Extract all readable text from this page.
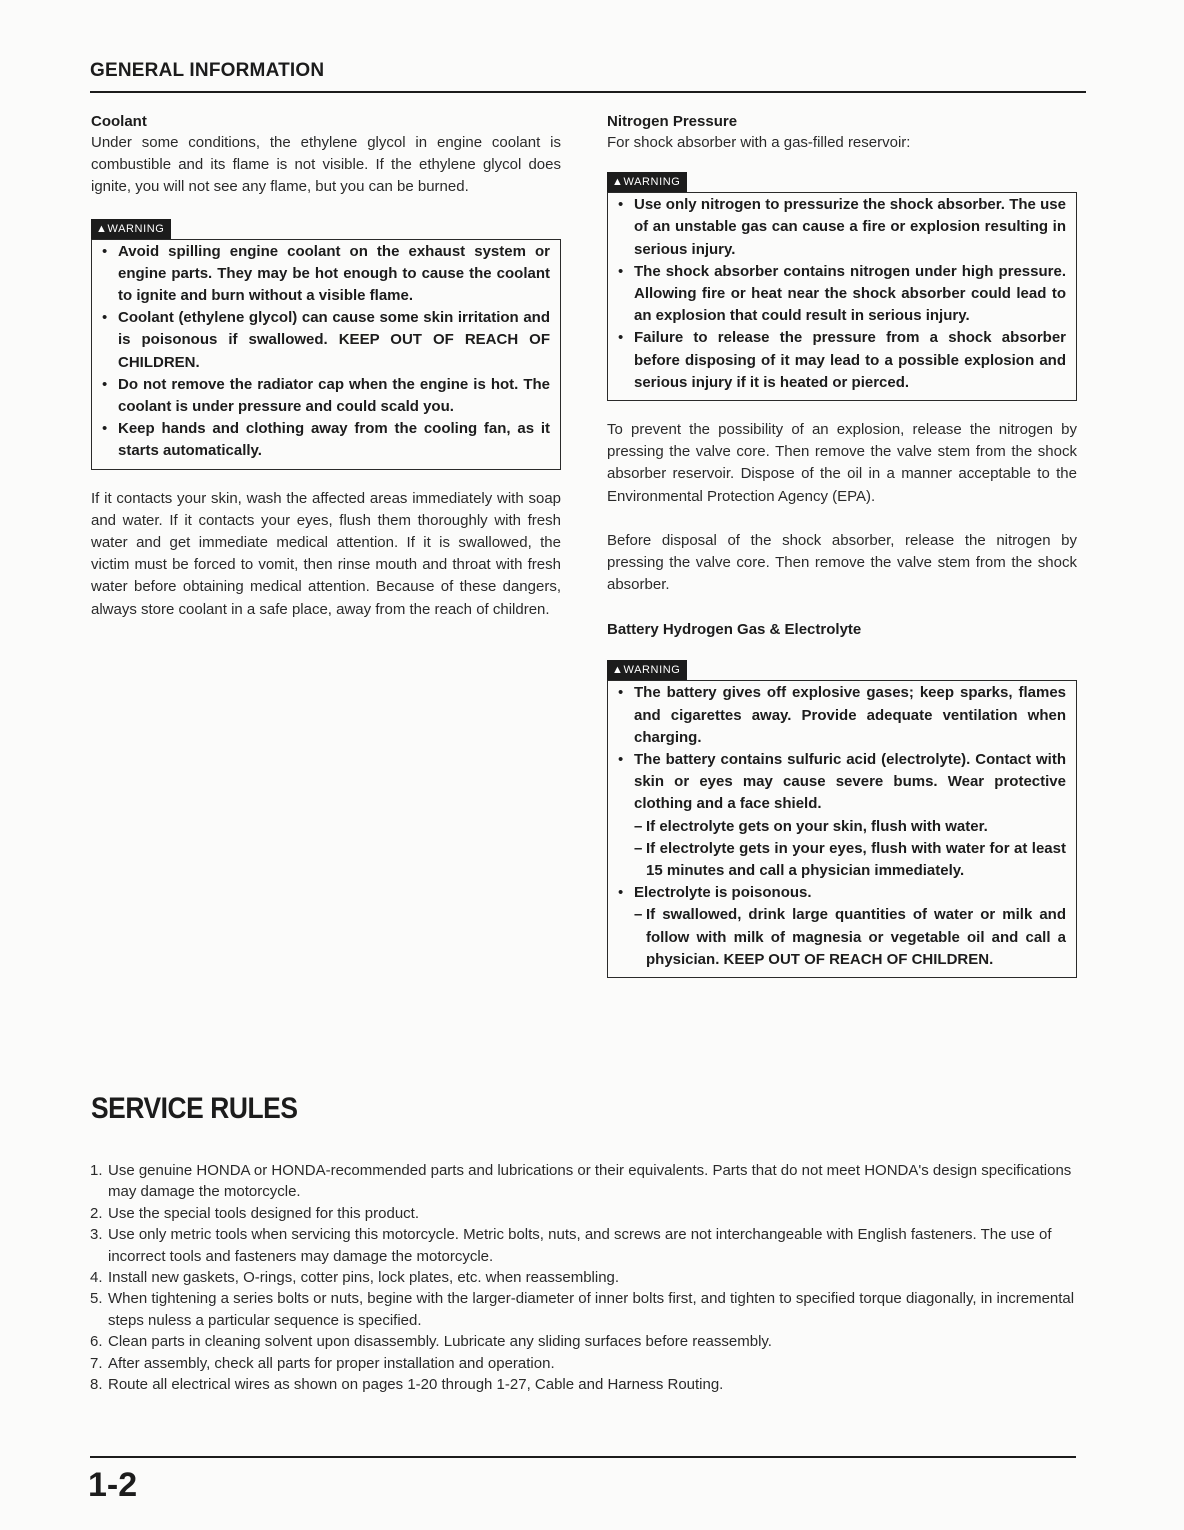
GENERAL INFORMATION
Coolant

Under some conditions, the ethylene glycol in engine coolant is combustible and its flame is not visible. If the ethylene glycol does ignite, you will not see any flame, but you can be burned.

▲WARNING
• Avoid spilling engine coolant on the exhaust system or engine parts. They may be hot enough to cause the coolant to ignite and burn without a visible flame.
• Coolant (ethylene glycol) can cause some skin irritation and is poisonous if swallowed. KEEP OUT OF REACH OF CHILDREN.
• Do not remove the radiator cap when the engine is hot. The coolant is under pressure and could scald you.
• Keep hands and clothing away from the cooling fan, as it starts automatically.

If it contacts your skin, wash the affected areas immediately with soap and water. If it contacts your eyes, flush them thoroughly with fresh water and get immediate medical attention. If it is swallowed, the victim must be forced to vomit, then rinse mouth and throat with fresh water before obtaining medical attention. Because of these dangers, always store coolant in a safe place, away from the reach of children.

Nitrogen Pressure

For shock absorber with a gas-filled reservoir:

▲WARNING
• Use only nitrogen to pressurize the shock absorber. The use of an unstable gas can cause a fire or explosion resulting in serious injury.
• The shock absorber contains nitrogen under high pressure. Allowing fire or heat near the shock absorber could lead to an explosion that could result in serious injury.
• Failure to release the pressure from a shock absorber before disposing of it may lead to a possible explosion and serious injury if it is heated or pierced.

To prevent the possibility of an explosion, release the nitrogen by pressing the valve core. Then remove the valve stem from the shock absorber reservoir. Dispose of the oil in a manner acceptable to the Environmental Protection Agency (EPA).

Before disposal of the shock absorber, release the nitrogen by pressing the valve core. Then remove the valve stem from the shock absorber.

Battery Hydrogen Gas & Electrolyte
▲WARNING
• The battery gives off explosive gases; keep sparks, flames and cigarettes away. Provide adequate ventilation when charging.
• The battery contains sulfuric acid (electrolyte). Contact with skin or eyes may cause severe bums. Wear protective clothing and a face shield.
– If electrolyte gets on your skin, flush with water.
– If electrolyte gets in your eyes, flush with water for at least 15 minutes and call a physician immediately.
• Electrolyte is poisonous.
– If swallowed, drink large quantities of water or milk and follow with milk of magnesia or vegetable oil and call a physician. KEEP OUT OF REACH OF CHILDREN.
SERVICE RULES
1. Use genuine HONDA or HONDA-recommended parts and lubrications or their equivalents. Parts that do not meet HONDA's design specifications may damage the motorcycle.
2. Use the special tools designed for this product.
3. Use only metric tools when servicing this motorcycle. Metric bolts, nuts, and screws are not interchangeable with English fasteners. The use of incorrect tools and fasteners may damage the motorcycle.
4. Install new gaskets, O-rings, cotter pins, lock plates, etc. when reassembling.
5. When tightening a series bolts or nuts, begine with the larger-diameter of inner bolts first, and tighten to specified torque diagonally, in incremental steps nuless a particular sequence is specified.
6. Clean parts in cleaning solvent upon disassembly. Lubricate any sliding surfaces before reassembly.
7. After assembly, check all parts for proper installation and operation.
8. Route all electrical wires as shown on pages 1-20 through 1-27, Cable and Harness Routing.
1-2
